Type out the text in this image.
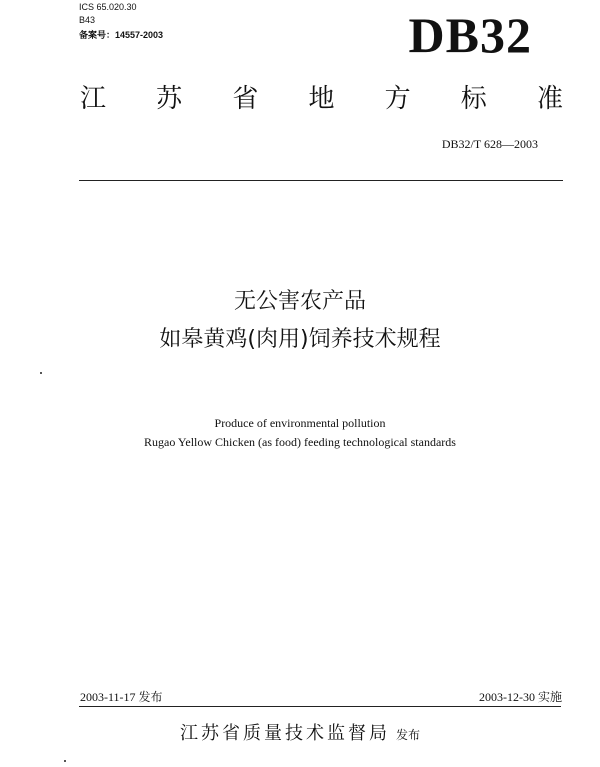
ICS 65.020.30
B43
备案号：14557-2003	DB32
江 苏 省 地 方 标 准
DB32/T 628—2003
无公害农产品
如皋黄鸡(肉用)饲养技术规程
Produce of environmental pollution
Rugao Yellow Chicken (as food) feeding technological standards
2003-11-17 发布	2003-12-30 实施
江苏省质量技术监督局 发布
